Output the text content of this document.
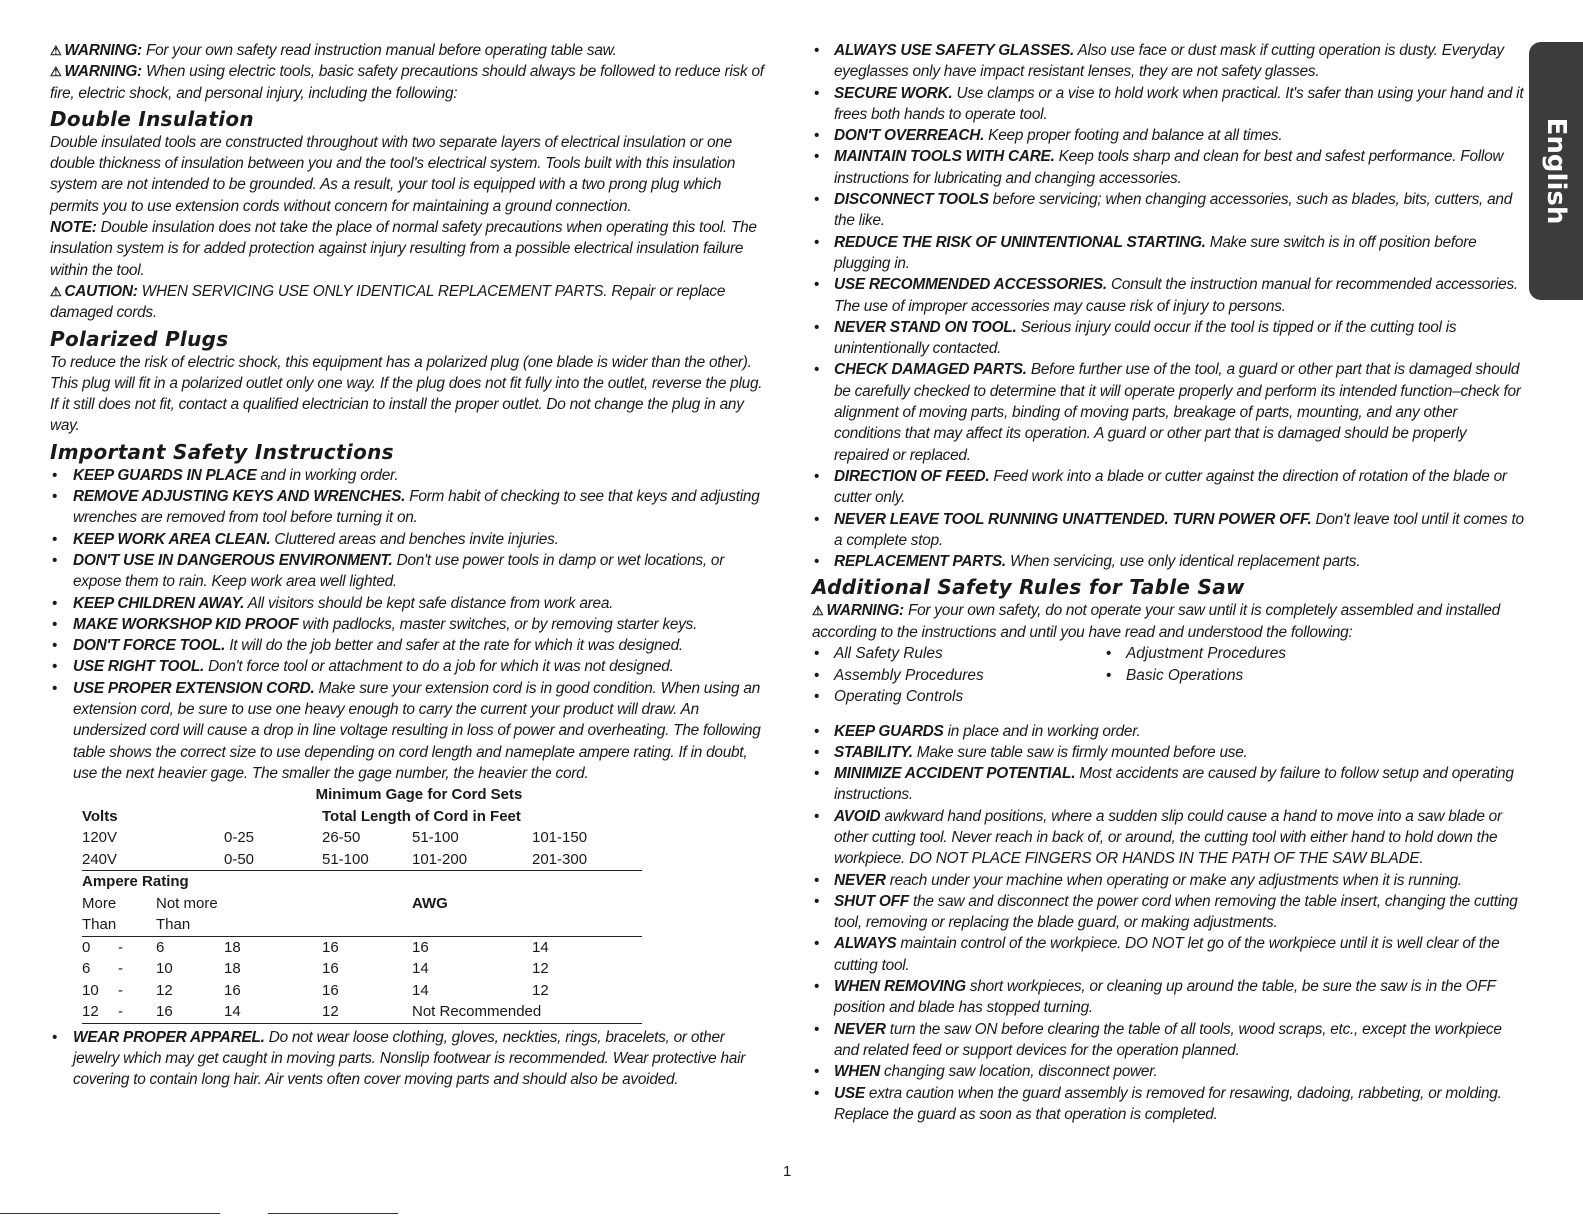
⚠ WARNING: For your own safety read instruction manual before operating table saw.

⚠ WARNING: When using electric tools, basic safety precautions should always be followed to reduce risk of fire, electric shock, and personal injury, including the following:

Double Insulation

Double insulated tools are constructed throughout with two separate layers of electrical insulation or one double thickness of insulation between you and the tool's electrical system. Tools built with this insulation system are not intended to be grounded. As a result, your tool is equipped with a two prong plug which permits you to use extension cords without concern for maintaining a ground connection.

NOTE: Double insulation does not take the place of normal safety precautions when operating this tool. The insulation system is for added protection against injury resulting from a possible electrical insulation failure within the tool.

⚠ CAUTION: WHEN SERVICING USE ONLY IDENTICAL REPLACEMENT PARTS. Repair or replace damaged cords.

Polarized Plugs

To reduce the risk of electric shock, this equipment has a polarized plug (one blade is wider than the other). This plug will fit in a polarized outlet only one way. If the plug does not fit fully into the outlet, reverse the plug. If it still does not fit, contact a qualified electrician to install the proper outlet. Do not change the plug in any way.

Important Safety Instructions
• KEEP GUARDS IN PLACE and in working order.
• REMOVE ADJUSTING KEYS AND WRENCHES. Form habit of checking to see that keys and adjusting wrenches are removed from tool before turning it on.
• KEEP WORK AREA CLEAN. Cluttered areas and benches invite injuries.
• DON'T USE IN DANGEROUS ENVIRONMENT. Don't use power tools in damp or wet locations, or expose them to rain. Keep work area well lighted.
• KEEP CHILDREN AWAY. All visitors should be kept safe distance from work area.
• MAKE WORKSHOP KID PROOF with padlocks, master switches, or by removing starter keys.
• DON'T FORCE TOOL. It will do the job better and safer at the rate for which it was designed.
• USE RIGHT TOOL. Don't force tool or attachment to do a job for which it was not designed.
• USE PROPER EXTENSION CORD. Make sure your extension cord is in good condition. When using an extension cord, be sure to use one heavy enough to carry the current your product will draw. An undersized cord will cause a drop in line voltage resulting in loss of power and overheating. The following table shows the correct size to use depending on cord length and nameplate ampere rating. If in doubt, use the next heavier gage. The smaller the gage number, the heavier the cord.
Minimum Gage for Cord Sets
Volts				Total Length of Cord in Feet		
120V			0-25	26-50	51-100	101-150
240V			0-50	51-100	101-200	201-300
Ampere Rating						
More		Not more			AWG	
Than		Than				
0	-	6	18	16	16	14
6	-	10	18	16	14	12
10	-	12	16	16	14	12
12	-	16	14	12	Not Recommended	
• WEAR PROPER APPAREL. Do not wear loose clothing, gloves, neckties, rings, bracelets, or other jewelry which may get caught in moving parts. Nonslip footwear is recommended. Wear protective hair covering to contain long hair. Air vents often cover moving parts and should also be avoided.
• ALWAYS USE SAFETY GLASSES. Also use face or dust mask if cutting operation is dusty. Everyday eyeglasses only have impact resistant lenses, they are not safety glasses.
• SECURE WORK. Use clamps or a vise to hold work when practical. It's safer than using your hand and it frees both hands to operate tool.
• DON'T OVERREACH. Keep proper footing and balance at all times.
• MAINTAIN TOOLS WITH CARE. Keep tools sharp and clean for best and safest performance. Follow instructions for lubricating and changing accessories.
• DISCONNECT TOOLS before servicing; when changing accessories, such as blades, bits, cutters, and the like.
• REDUCE THE RISK OF UNINTENTIONAL STARTING. Make sure switch is in off position before plugging in.
• USE RECOMMENDED ACCESSORIES. Consult the instruction manual for recommended accessories. The use of improper accessories may cause risk of injury to persons.
• NEVER STAND ON TOOL. Serious injury could occur if the tool is tipped or if the cutting tool is unintentionally contacted.
• CHECK DAMAGED PARTS. Before further use of the tool, a guard or other part that is damaged should be carefully checked to determine that it will operate properly and perform its intended function–check for alignment of moving parts, binding of moving parts, breakage of parts, mounting, and any other conditions that may affect its operation. A guard or other part that is damaged should be properly repaired or replaced.
• DIRECTION OF FEED. Feed work into a blade or cutter against the direction of rotation of the blade or cutter only.
• NEVER LEAVE TOOL RUNNING UNATTENDED. TURN POWER OFF. Don't leave tool until it comes to a complete stop.
• REPLACEMENT PARTS. When servicing, use only identical replacement parts.
Additional Safety Rules for Table Saw

⚠ WARNING: For your own safety, do not operate your saw until it is completely assembled and installed according to the instructions and until you have read and understood the following:

• All Safety Rules	• Adjustment Procedures
• Assembly Procedures	• Basic Operations
• Operating Controls
• KEEP GUARDS in place and in working order.
• STABILITY. Make sure table saw is firmly mounted before use.
• MINIMIZE ACCIDENT POTENTIAL. Most accidents are caused by failure to follow setup and operating instructions.
• AVOID awkward hand positions, where a sudden slip could cause a hand to move into a saw blade or other cutting tool. Never reach in back of, or around, the cutting tool with either hand to hold down the workpiece. DO NOT PLACE FINGERS OR HANDS IN THE PATH OF THE SAW BLADE.
• NEVER reach under your machine when operating or make any adjustments when it is running.
• SHUT OFF the saw and disconnect the power cord when removing the table insert, changing the cutting tool, removing or replacing the blade guard, or making adjustments.
• ALWAYS maintain control of the workpiece. DO NOT let go of the workpiece until it is well clear of the cutting tool.
• WHEN REMOVING short workpieces, or cleaning up around the table, be sure the saw is in the OFF position and blade has stopped turning.
• NEVER turn the saw ON before clearing the table of all tools, wood scraps, etc., except the workpiece and related feed or support devices for the operation planned.
• WHEN changing saw location, disconnect power.
• USE extra caution when the guard assembly is removed for resawing, dadoing, rabbeting, or molding. Replace the guard as soon as that operation is completed.
English
1
